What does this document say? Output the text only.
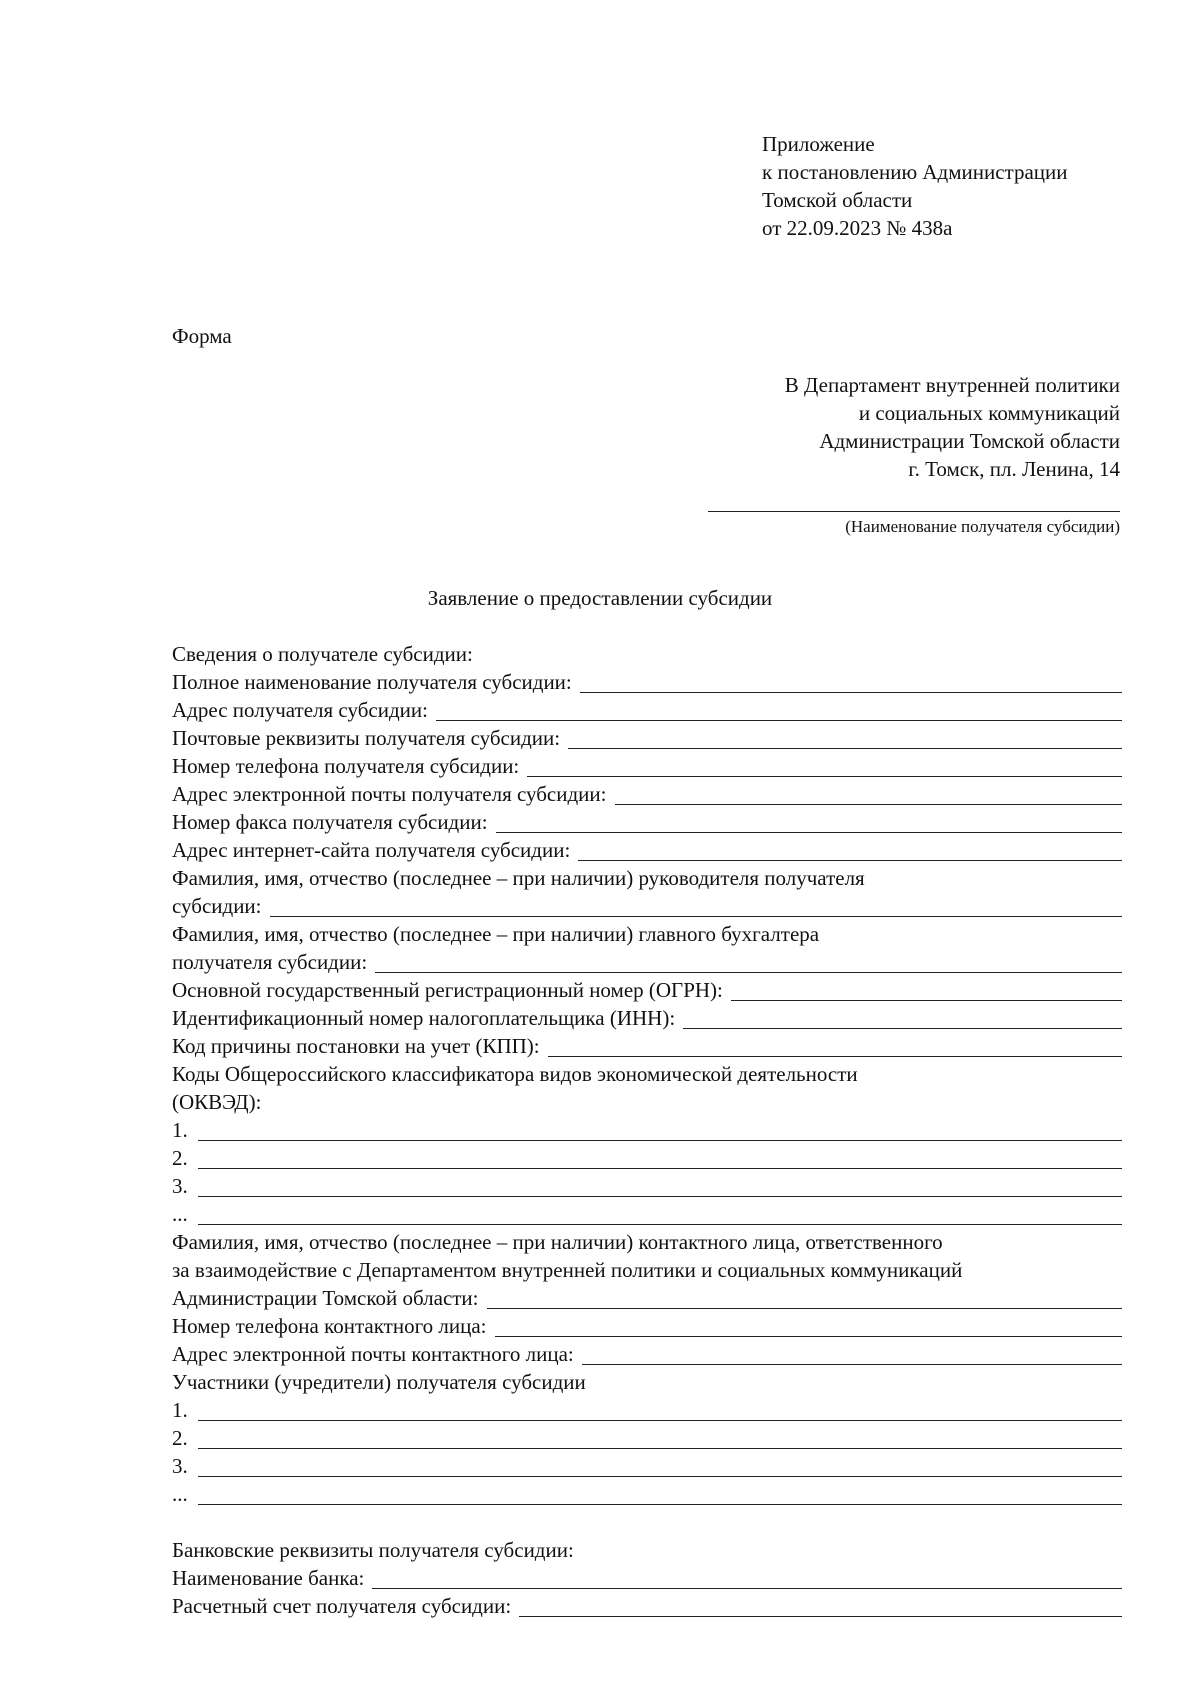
Приложение
к постановлению Администрации
Томской области
от 22.09.2023 № 438а
Форма
В Департамент внутренней политики
и социальных коммуникаций
Администрации Томской области
г. Томск, пл. Ленина, 14
(Наименование получателя субсидии)
Заявление о предоставлении субсидии
Сведения о получателе субсидии:
Полное наименование получателя субсидии:
Адрес получателя субсидии:
Почтовые реквизиты получателя субсидии:
Номер телефона получателя субсидии:
Адрес электронной почты получателя субсидии:
Номер факса получателя субсидии:
Адрес интернет-сайта получателя субсидии:
Фамилия, имя, отчество (последнее – при наличии) руководителя получателя
субсидии:
Фамилия, имя, отчество (последнее – при наличии) главного бухгалтера
получателя субсидии:
Основной государственный регистрационный номер (ОГРН):
Идентификационный номер налогоплательщика (ИНН):
Код причины постановки на учет (КПП):
Коды Общероссийского классификатора видов экономической деятельности
(ОКВЭД):
1.
2.
3.
...
Фамилия, имя, отчество (последнее – при наличии) контактного лица, ответственного
за взаимодействие с Департаментом внутренней политики и социальных коммуникаций
Администрации Томской области:
Номер телефона контактного лица:
Адрес электронной почты контактного лица:
Участники (учредители) получателя субсидии
1.
2.
3.
...
Банковские реквизиты получателя субсидии:
Наименование банка:
Расчетный счет получателя субсидии:
